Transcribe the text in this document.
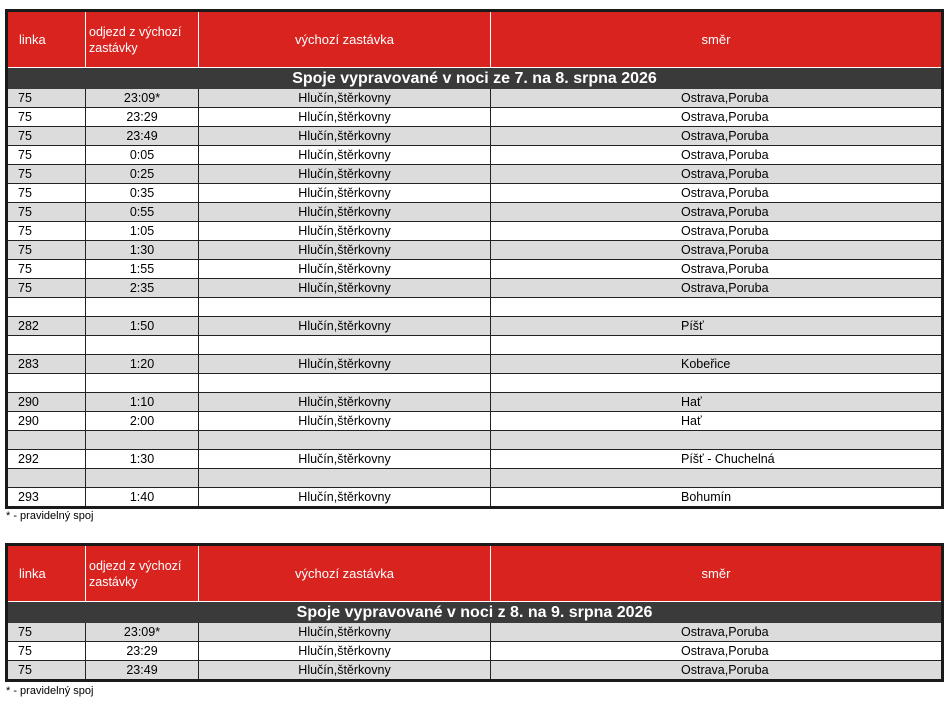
linka	odjezd z výchozí zastávky	výchozí zastávka	směr
Spoje vypravované v noci ze 7. na 8. srpna 2026			
75	23:09*	Hlučín,štěrkovny	Ostrava,Poruba
75	23:29	Hlučín,štěrkovny	Ostrava,Poruba
75	23:49	Hlučín,štěrkovny	Ostrava,Poruba
75	0:05	Hlučín,štěrkovny	Ostrava,Poruba
75	0:25	Hlučín,štěrkovny	Ostrava,Poruba
75	0:35	Hlučín,štěrkovny	Ostrava,Poruba
75	0:55	Hlučín,štěrkovny	Ostrava,Poruba
75	1:05	Hlučín,štěrkovny	Ostrava,Poruba
75	1:30	Hlučín,štěrkovny	Ostrava,Poruba
75	1:55	Hlučín,štěrkovny	Ostrava,Poruba
75	2:35	Hlučín,štěrkovny	Ostrava,Poruba

282	1:50	Hlučín,štěrkovny	Píšť

283	1:20	Hlučín,štěrkovny	Kobeřice

290	1:10	Hlučín,štěrkovny	Hať
290	2:00	Hlučín,štěrkovny	Hať

292	1:30	Hlučín,štěrkovny	Píšť - Chuchelná

293	1:40	Hlučín,štěrkovny	Bohumín
* - pravidelný spoj
linka	odjezd z výchozí zastávky	výchozí zastávka	směr
Spoje vypravované v noci z 8. na 9. srpna 2026			
75	23:09*	Hlučín,štěrkovny	Ostrava,Poruba
75	23:29	Hlučín,štěrkovny	Ostrava,Poruba
75	23:49	Hlučín,štěrkovny	Ostrava,Poruba
* - pravidelný spoj
